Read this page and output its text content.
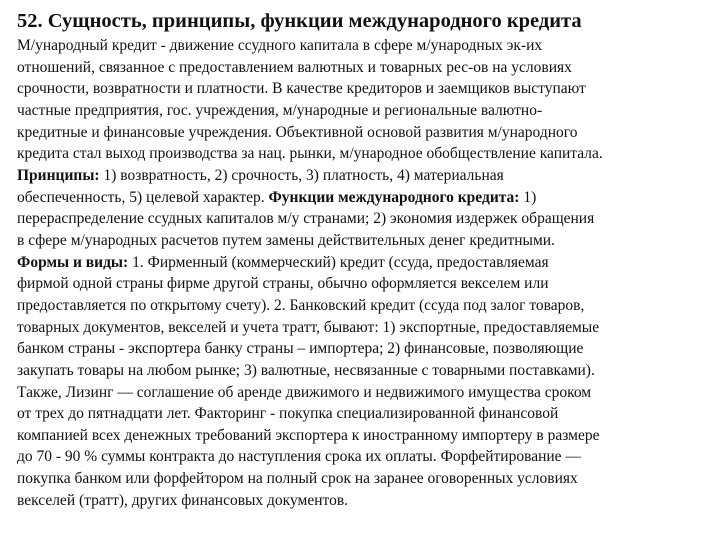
52. Сущность, принципы, функции международного кредита
М/ународный кредит - движение ссудного капитала в сфере м/ународных эк-их
отношений, связанное с предоставлением валютных и товарных рес-ов на условиях
срочности, возвратности и платности. В качестве кредиторов и заемщиков выступают
частные предприятия, гос. учреждения, м/ународные и региональные валютно-
кредитные и финансовые учреждения. Объективной основой развития м/ународного
кредита стал выход производства за нац. рынки, м/ународное обобществление капитала.
Принципы: 1) возвратность, 2) срочность, 3) платность, 4) материальная
обеспеченность, 5) целевой характер. Функции международного кредита: 1)
перераспределение ссудных капиталов м/у странами; 2) экономия издержек обращения
в сфере м/ународных расчетов путем замены действительных денег кредитными.
Формы и виды: 1. Фирменный (коммерческий) кредит (ссуда, предоставляемая
фирмой одной страны фирме другой страны, обычно оформляется векселем или
предоставляется по открытому счету). 2. Банковский кредит (ссуда под залог товаров,
товарных документов, векселей и учета тратт, бывают: 1) экспортные, предоставляемые
банком страны - экспортера банку страны – импортера; 2) финансовые, позволяющие
закупать товары на любом рынке; 3) валютные, несвязанные с товарными поставками).
Также, Лизинг — соглашение об аренде движимого и недвижимого имущества сроком
от трех до пятнадцати лет. Факторинг - покупка специализированной финансовой
компанией всех денежных требований экспортера к иностранному импортеру в размере
до 70 - 90 % суммы контракта до наступления срока их оплаты. Форфейтирование —
покупка банком или форфейтором на полный срок на заранее оговоренных условиях
векселей (тратт), других финансовых документов.
